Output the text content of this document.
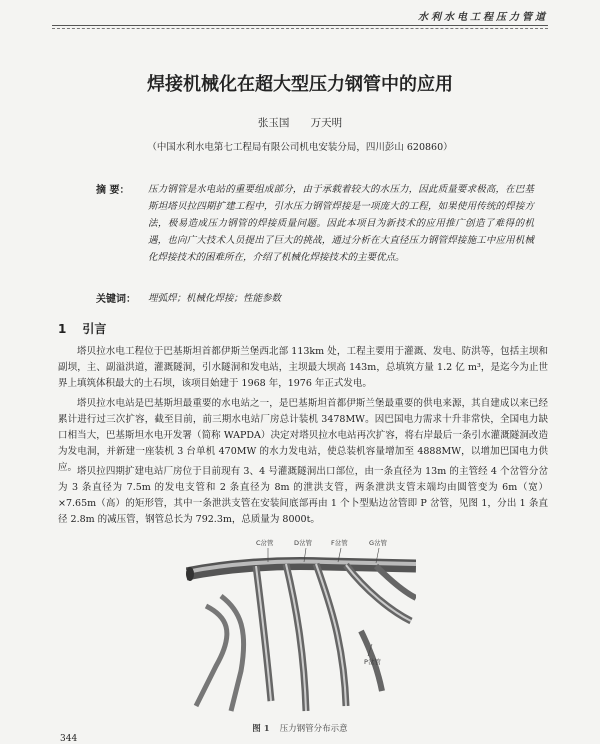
水利水电工程压力管道
焊接机械化在超大型压力钢管中的应用
张玉国 万天明
（中国水利水电第七工程局有限公司机电安装分局，四川彭山 620860）
摘 要： 压力钢管是水电站的重要组成部分，由于承载着较大的水压力，因此质量要求极高，在巴基斯坦塔贝拉四期扩建工程中，引水压力钢管焊接是一项庞大的工程，如果使用传统的焊接方法，极易造成压力钢管的焊接质量问题。因此本项目为新技术的应用推广创造了难得的机遇，也向广大技术人员提出了巨大的挑战，通过分析在大直径压力钢管焊接施工中应用机械化焊接技术的困难所在，介绍了机械化焊接技术的主要优点。
关键词： 埋弧焊；机械化焊接；性能参数
1 引言
塔贝拉水电工程位于巴基斯坦首都伊斯兰堡西北部 113km 处，工程主要用于灌溉、发电、防洪等，包括主坝和副坝，主、副溢洪道，灌溉隧洞，引水隧洞和发电站，主坝最大坝高 143m，总填筑方量 1.2 亿 m³，是迄今为止世界上填筑体积最大的土石坝，该项目始建于 1968 年，1976 年正式发电。
塔贝拉水电站是巴基斯坦最重要的水电站之一，是巴基斯坦首都伊斯兰堡最重要的供电来源，其自建成以来已经累计进行过三次扩容，截至目前，前三期水电站厂房总计装机 3478MW。因巴国电力需求十升非常快，全国电力缺口相当大，巴基斯坦水电开发署（简称 WAPDA）决定对塔贝拉水电站再次扩容，将右岸最后一条引水灌溉隧洞改造为发电洞，并新建一座装机 3 台单机 470MW 的水力发电站，使总装机容量增加至 4888MW，以增加巴国电力供应。 塔贝拉四期扩建电站厂房位于目前现有 3、4 号灌溉隧洞出口部位，由一条直径为 13m 的主管经 4 个岔管分岔为 3 条直径为 7.5m 的发电支管和 2 条直径为 8m 的泄洪支管，两条泄洪支管末端均由圆管变为 6m（宽）×7.65m（高）的矩形管，其中一条泄洪支管在安装间底部再由 1 个卜型贴边岔管即 P 岔管，见图 1，分出 1 条直径 2.8m 的减压管，钢管总长为 792.3m，总质量为 8000t。
C岔管	D岔管	F岔管	G岔管
P岔管
图 1 压力钢管分布示意
344
